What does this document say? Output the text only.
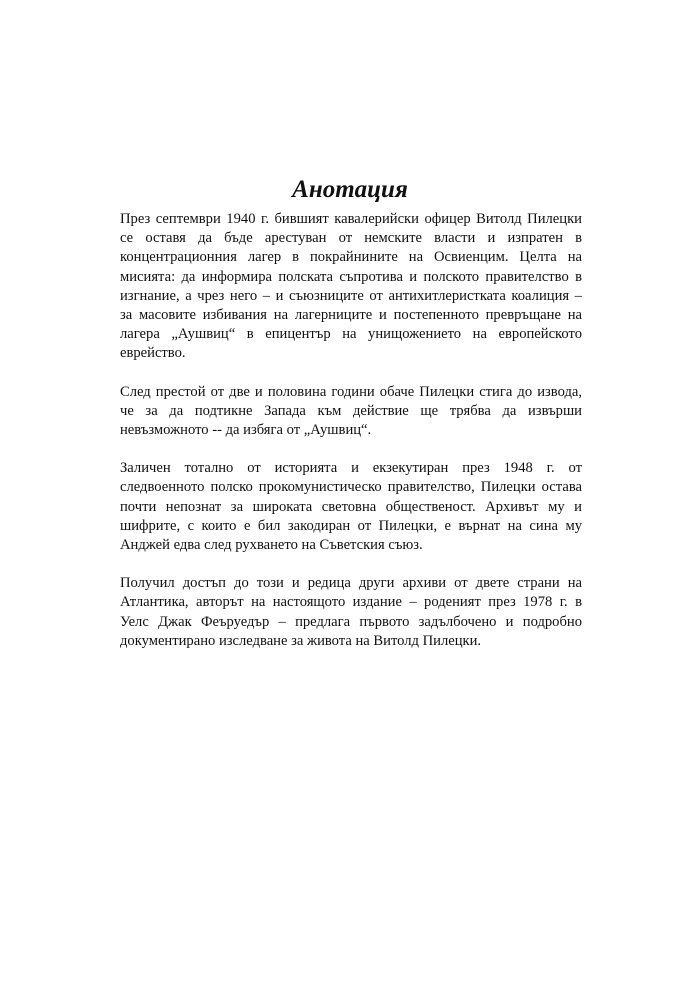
Анотация

През септември 1940 г. бившият кавалерийски офицер Витолд Пилецки
се оставя да бъде арестуван от немските власти и изпратен в
концентрационния лагер в покрайнините на Освиенцим. Целта на
мисията: да информира полската съпротива и полското правителство в
изгнание, а чрез него – и съюзниците от антихитлеристката коалиция –
за масовите избивания на лагерниците и постепенното превръщане на
лагера „Аушвиц“ в епицентър на унищожението на европейското
еврейство.

След престой от две и половина години обаче Пилецки стига до извода,
че за да подтикне Запада към действие ще трябва да извърши
невъзможното -- да избяга от „Аушвиц“.

Заличен тотално от историята и екзекутиран през 1948 г. от
следвоенното полско прокомунистическо правителство, Пилецки остава
почти непознат за широката световна общественост. Архивът му и
шифрите, с които е бил закодиран от Пилецки, е върнат на сина му
Анджей едва след рухването на Съветския съюз.

Получил достъп до този и редица други архиви от двете страни на
Атлантика, авторът на настоящото издание – роденият през 1978 г. в
Уелс Джак Феъруедър – предлага първото задълбочено и подробно
документирано изследване за живота на Витолд Пилецки.
